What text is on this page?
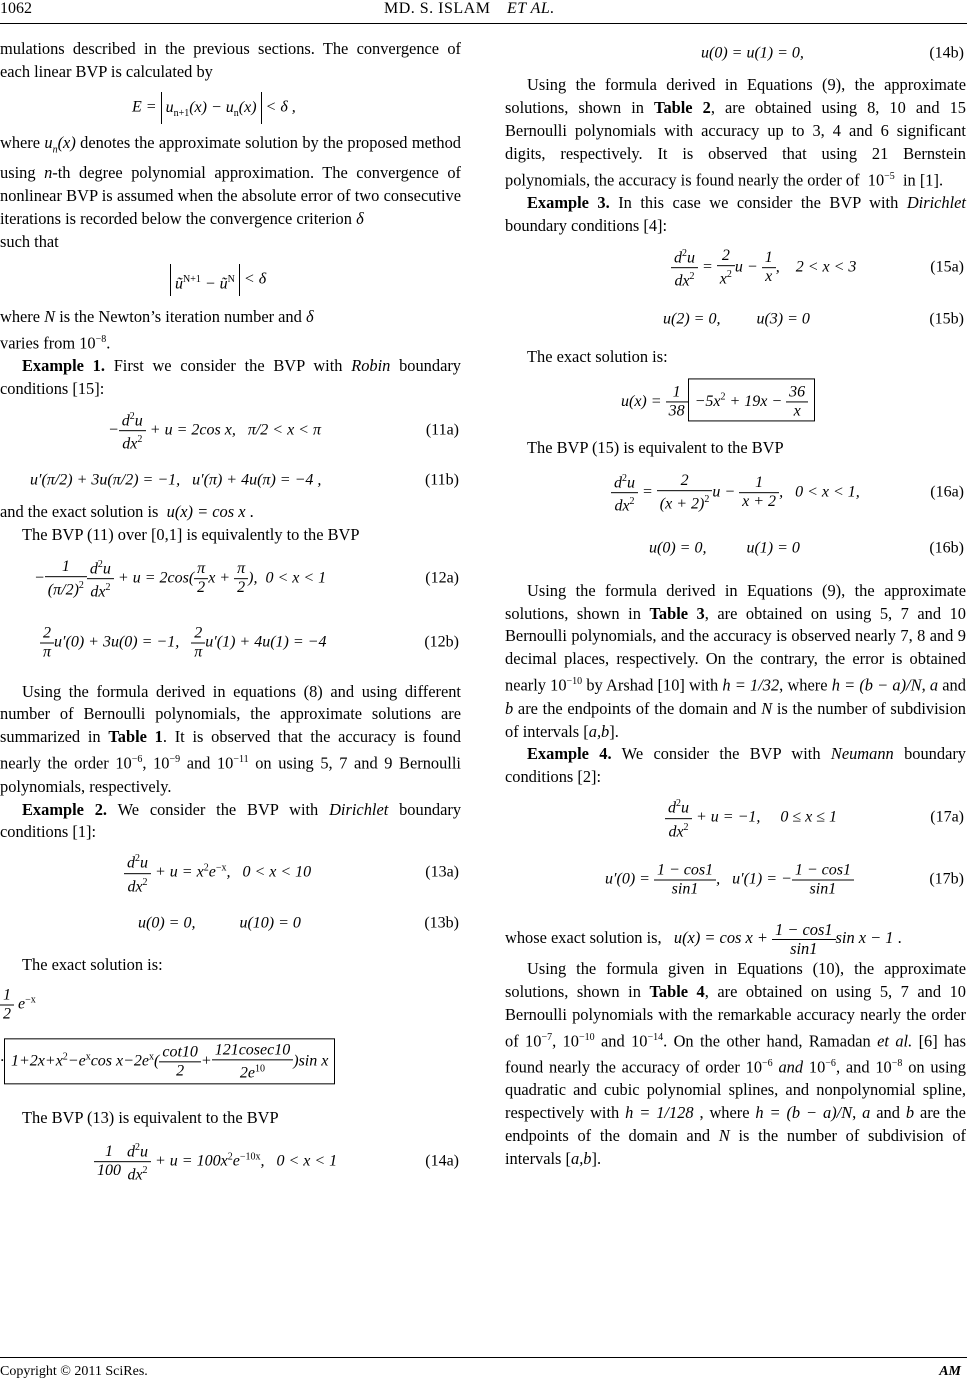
1062	MD. S. ISLAM ET AL.

mulations described in the previous sections. The convergence of each linear BVP is calculated by

$E = u_{n+1}(x) - u_n(x) < \delta$ ,

where $u_n(x)$ denotes the approximate solution by the proposed method using n-th degree polynomial approximation. The convergence of nonlinear BVP is assumed when the absolute error of two consecutive iterations is recorded below the convergence criterion δ
such that

$ũ^{N+1}$ − $ũ^N < \delta$

where N is the Newton’s iteration number and δ
varies from $10^{-8}$.

Example 1. First we consider the BVP with Robin boundary conditions [15]:

− $\frac{d^2u}{dx^2} + u = 2\cos$ x,   π/2 < x < π	(11a)
u′(π/2) + 3u(π/2) = −1,   u′(π) + 4u(π) = −4 ,	(11b)

and the exact solution is u(x) = cos x .

The BVP (11) over [0,1] is equivalently to the BVP

− $\frac{1}{(\pi/2)^2} \frac{d^2u}{dx^2} + u = 2\cos( \frac{\pi}{2}$ $x + \frac{\pi}{2}$ ),  0 < x < 1	(12a)
$\frac{2}{\pi} u'(0) + 3u(0) = -1$, $\frac{2}{\pi} u'(1) + 4u(1) = -4$	(12b)

Using the formula derived in equations (8) and using different number of Bernoulli polynomials, the approximate solutions are summarized in Table 1. It is observed that the accuracy is found nearly the order $10^{-6}$, $10^{-9}$ and $10^{-11}$ on using 5, 7 and 9 Bernoulli polynomials, respectively.

Example 2. We consider the BVP with Dirichlet boundary conditions [1]:

$\frac{d^2u}{dx^2} + u = x^2e^{-x}$,   0 < x < 10	(13a)
u(0) = 0,           u(10) = 0	(13b)

The exact solution is:

$\frac{1}{2} e^{-x}$
· $1+2x+x^2-e^x\cos$ $x-2e^x( \frac{\cot 10}{2} + \frac{121cosec10}{2e^{10}} )\sin$ x

The BVP (13) is equivalent to the BVP

$\frac{1}{100} \frac{d^2u}{dx^2} + u = 100x^2e^{-10x}$,   0 < x < 1	(14a)
u(0) = u(1) = 0,	(14b)

Using the formula derived in Equations (9), the approximate solutions, shown in Table 2, are obtained using 8, 10 and 15 Bernoulli polynomials with accuracy up to 3, 4 and 6 significant digits, respectively. It is observed that using 21 Bernstein polynomials, the accuracy is found nearly the order of $10^{-5}$ in [1].

Example 3. In this case we consider the BVP with Dirichlet boundary conditions [4]:

$\frac{d^2u}{dx^2} = \frac{2}{x^2}$ $u - \frac{1}{x}$ ,    2 < x < 3	(15a)
u(2) = 0,         u(3) = 0	(15b)

The exact solution is:

$u(x) = \frac{1}{38} -5x^2 + 19x - \frac{36}{x}$

The BVP (15) is equivalent to the BVP

$\frac{d^2u}{dx^2} = \frac{2}{(x + 2)^2}$ $u - \frac{1}{x + 2}$ ,   0 < x < 1,	(16a)
u(0) = 0,          u(1) = 0	(16b)

Using the formula derived in Equations (9), the approximate solutions, shown in Table 3, are obtained on using 5, 7 and 10 Bernoulli polynomials, and the accuracy is observed nearly 7, 8 and 9 decimal places, respectively. On the contrary, the error is obtained nearly $10^{-10}$ by Arshad [10] with h = 1/32, where h = (b − a)/N, a and b are the endpoints of the domain and N is the number of subdivision of intervals [a,b].

Example 4. We consider the BVP with Neumann boundary conditions [2]:

$\frac{d^2u}{dx^2} + u = -1$,     0 ≤ x ≤ 1	(17a)
$u'(0) = \frac{1 - \cos 1}{\sin 1}$ ,   u′(1) = − $\frac{1 - \cos 1}{\sin 1}$	(17b)

whose exact solution is, $u(x) = \cos x + \frac{1 - \cos 1}{\sin 1}$ sin x − 1 .

Using the formula given in Equations (10), the approximate solutions, shown in Table 4, are obtained on using 5, 7 and 10 Bernoulli polynomials with the remarkable accuracy nearly the order of $10^{-7}$, $10^{-10}$ and $10^{-14}$. On the other hand, Ramadan et al. [6] has found nearly the accuracy of order $10^{-6}$ and $10^{-6}$, and $10^{-8}$ on using quadratic and cubic polynomial splines, and nonpolynomial spline, respectively with h = 1/128 , where h = (b − a)/N, a and b are the endpoints of the domain and N is the number of subdivision of intervals [a,b].

Copyright © 2011 SciRes.	AM
